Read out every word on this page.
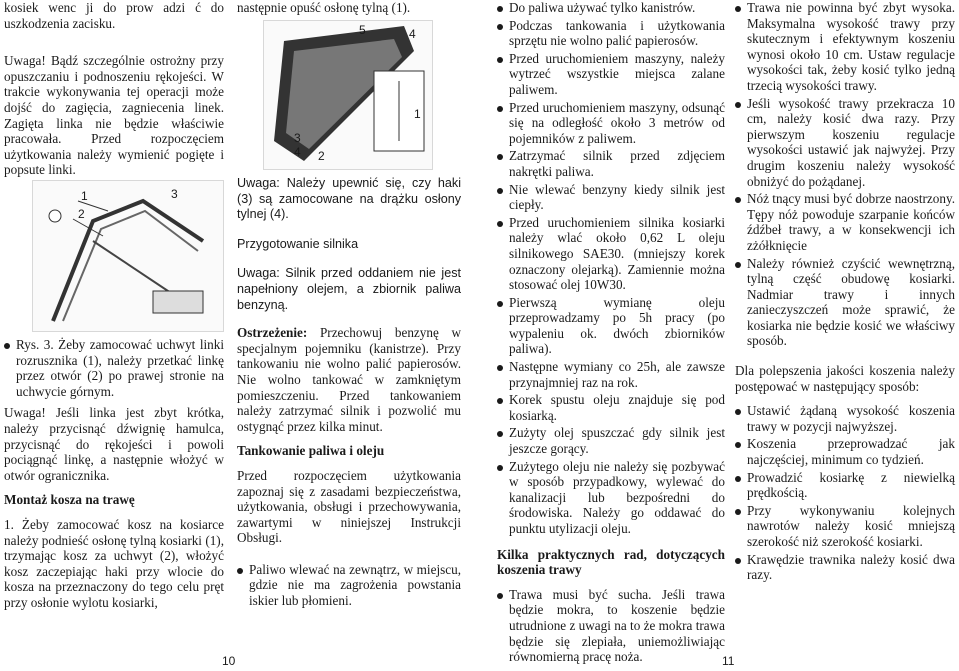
kosiek wenc ji do prow adzi ć do uszkodzenia zacisku.

Uwaga! Bądź szczególnie ostrożny przy opuszczaniu i podnoszeniu rękojeści. W trakcie wykonywania tej operacji może dojść do zagięcia, zagniecenia linek. Zagięta linka nie będzie właściwie pracowała. Przed rozpoczęciem użytkowania należy wymienić pogięte i popsute linki.

1
2
3
Rys. 3. Żeby zamocować uchwyt linki rozrusznika (1), należy przetkać linkę przez otwór (2) po prawej stronie na uchwycie górnym.

Uwaga! Jeśli linka jest zbyt krótka, należy przycisnąć dźwignię hamulca, przycisnąć do rękojeści i powoli pociągnąć linkę, a następnie włożyć w otwór ogranicznika.

Montaż kosza na trawę

1. Żeby zamocować kosz na kosiarce należy podnieść osłonę tylną kosiarki (1), trzymając kosz za uchwyt (2), włożyć kosz zaczepiając haki przy wlocie do kosza na przeznaczony do tego celu pręt przy osłonie wylotu kosiarki,

10

następnie opuść osłonę tylną (1).

5	4
1
3
4 2

Uwaga: Należy upewnić się, czy haki (3) są zamocowane na drążku osłony tylnej (4).

Przygotowanie silnika

Uwaga: Silnik przed oddaniem nie jest napełniony olejem, a zbiornik paliwa benzyną.

Ostrzeżenie: Przechowuj benzynę w specjalnym pojemniku (kanistrze). Przy tankowaniu nie wolno palić papierosów. Nie wolno tankować w zamkniętym pomieszczeniu. Przed tankowaniem należy zatrzymać silnik i pozwolić mu ostygnąć przez kilka minut.

Tankowanie paliwa i oleju

Przed rozpoczęciem użytkowania zapoznaj się z zasadami bezpieczeństwa, użytkowania, obsługi i przechowywania, zawartymi w niniejszej Instrukcji Obsługi.

Paliwo wlewać na zewnątrz, w miejscu, gdzie nie ma zagrożenia powstania iskier lub płomieni.
Do paliwa używać tylko kanistrów.
Podczas tankowania i użytkowania sprzętu nie wolno palić papierosów.
Przed uruchomieniem maszyny, należy wytrzeć wszystkie miejsca zalane paliwem.
Przed uruchomieniem maszyny, odsunąć się na odległość około 3 metrów od pojemników z paliwem.
Zatrzymać silnik przed zdjęciem nakrętki paliwa.
Nie wlewać benzyny kiedy silnik jest ciepły.
Przed uruchomieniem silnika kosiarki należy wlać około 0,62 L oleju silnikowego SAE30. (mniejszy korek oznaczony olejarką). Zamiennie można stosować olej 10W30.
Pierwszą wymianę oleju przeprowadzamy po 5h pracy (po wypaleniu ok. dwóch zbiorników paliwa).
Następne wymiany co 25h, ale zawsze przynajmniej raz na rok.
Korek spustu oleju znajduje się pod kosiarką.
Zużyty olej spuszczać gdy silnik jest jeszcze gorący.
Zużytego oleju nie należy się pozbywać w sposób przypadkowy, wylewać do kanalizacji lub bezpośredni do środowiska. Należy go oddawać do punktu utylizacji oleju.

Kilka praktycznych rad, dotyczących koszenia trawy

Trawa musi być sucha. Jeśli trawa będzie mokra, to koszenie będzie utrudnione z uwagi na to że mokra trawa będzie się zlepiała, uniemożliwiając równomierną pracę noża.	11
Trawa nie powinna być zbyt wysoka. Maksymalna wysokość trawy przy skutecznym i efektywnym koszeniu wynosi około 10 cm. Ustaw regulacje wysokości tak, żeby kosić tylko jedną trzecią wysokości trawy.
Jeśli wysokość trawy przekracza 10 cm, należy kosić dwa razy. Przy pierwszym koszeniu regulacje wysokości ustawić jak najwyżej. Przy drugim koszeniu należy wysokość obniżyć do pożądanej.
Nóż tnący musi być dobrze naostrzony. Tępy nóż powoduje szarpanie końców źdźbeł trawy, a w konsekwencji ich zżółknięcie
Należy również czyścić wewnętrzną, tylną część obudowę kosiarki. Nadmiar trawy i innych zanieczyszczeń może sprawić, że kosiarka nie będzie kosić we właściwy sposób.

Dla polepszenia jakości koszenia należy postępować w następujący sposób:

Ustawić żądaną wysokość koszenia trawy w pozycji najwyższej.
Koszenia przeprowadzać jak najczęściej, minimum co tydzień.
Prowadzić kosiarkę z niewielką prędkością.
Przy wykonywaniu kolejnych nawrotów należy kosić mniejszą szerokość niż szerokość kosiarki.
Krawędzie trawnika należy kosić dwa razy.
